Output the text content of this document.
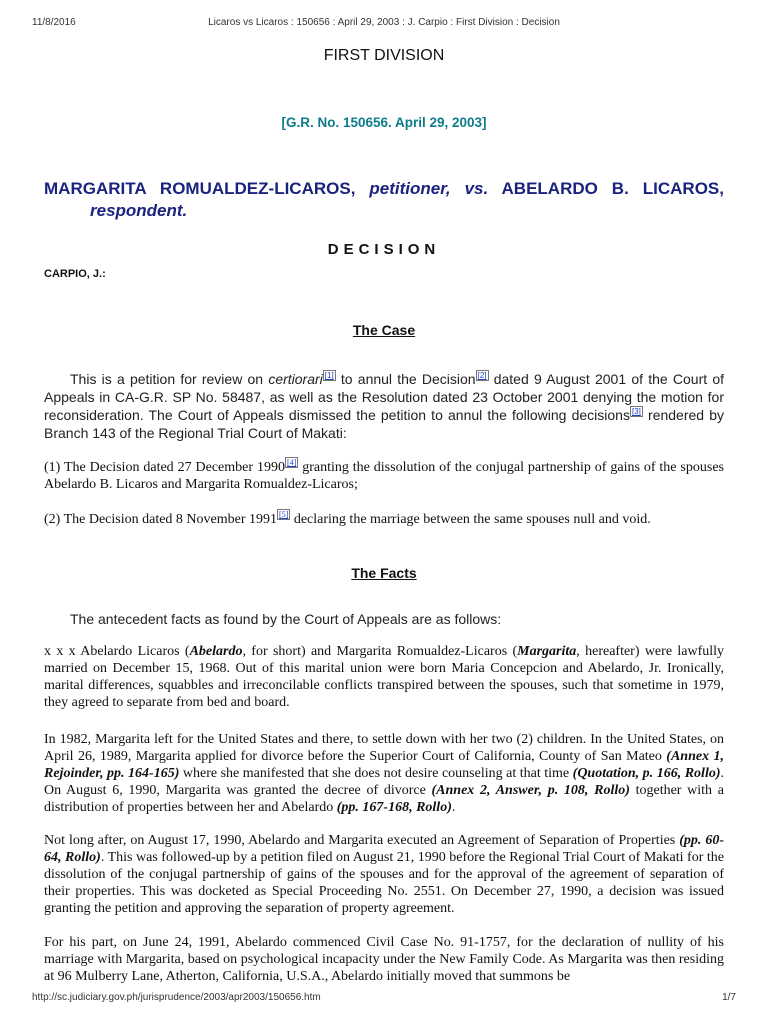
11/8/2016	Licaros vs Licaros : 150656 : April 29, 2003 : J. Carpio : First Division : Decision
FIRST DIVISION
[G.R. No. 150656. April 29, 2003]
MARGARITA ROMUALDEZ-LICAROS, petitioner, vs. ABELARDO B. LICAROS,
respondent.
DECISION
CARPIO, J.:
The Case
This is a petition for review on certiorari [1] to annul the Decision [2] dated 9 August 2001 of the Court of Appeals in CA-G.R. SP No. 58487, as well as the Resolution dated 23 October 2001 denying the motion for reconsideration. The Court of Appeals dismissed the petition to annul the following decisions [3] rendered by Branch 143 of the Regional Trial Court of Makati:
(1) The Decision dated 27 December 1990 [4] granting the dissolution of the conjugal partnership of gains of the spouses Abelardo B. Licaros and Margarita Romualdez-Licaros;
(2) The Decision dated 8 November 1991 [5] declaring the marriage between the same spouses null and void.
The Facts
The antecedent facts as found by the Court of Appeals are as follows:
x x x Abelardo Licaros (Abelardo, for short) and Margarita Romualdez-Licaros (Margarita, hereafter) were lawfully married on December 15, 1968. Out of this marital union were born Maria Concepcion and Abelardo, Jr. Ironically, marital differences, squabbles and irreconcilable conflicts transpired between the spouses, such that sometime in 1979, they agreed to separate from bed and board.
In 1982, Margarita left for the United States and there, to settle down with her two (2) children. In the United States, on April 26, 1989, Margarita applied for divorce before the Superior Court of California, County of San Mateo (Annex 1, Rejoinder, pp. 164-165) where she manifested that she does not desire counseling at that time (Quotation, p. 166, Rollo). On August 6, 1990, Margarita was granted the decree of divorce (Annex 2, Answer, p. 108, Rollo) together with a distribution of properties between her and Abelardo (pp. 167-168, Rollo).
Not long after, on August 17, 1990, Abelardo and Margarita executed an Agreement of Separation of Properties (pp. 60-64, Rollo). This was followed-up by a petition filed on August 21, 1990 before the Regional Trial Court of Makati for the dissolution of the conjugal partnership of gains of the spouses and for the approval of the agreement of separation of their properties. This was docketed as Special Proceeding No. 2551. On December 27, 1990, a decision was issued granting the petition and approving the separation of property agreement.
For his part, on June 24, 1991, Abelardo commenced Civil Case No. 91-1757, for the declaration of nullity of his marriage with Margarita, based on psychological incapacity under the New Family Code. As Margarita was then residing at 96 Mulberry Lane, Atherton, California, U.S.A., Abelardo initially moved that summons be
http://sc.judiciary.gov.ph/jurisprudence/2003/apr2003/150656.htm	1/7
